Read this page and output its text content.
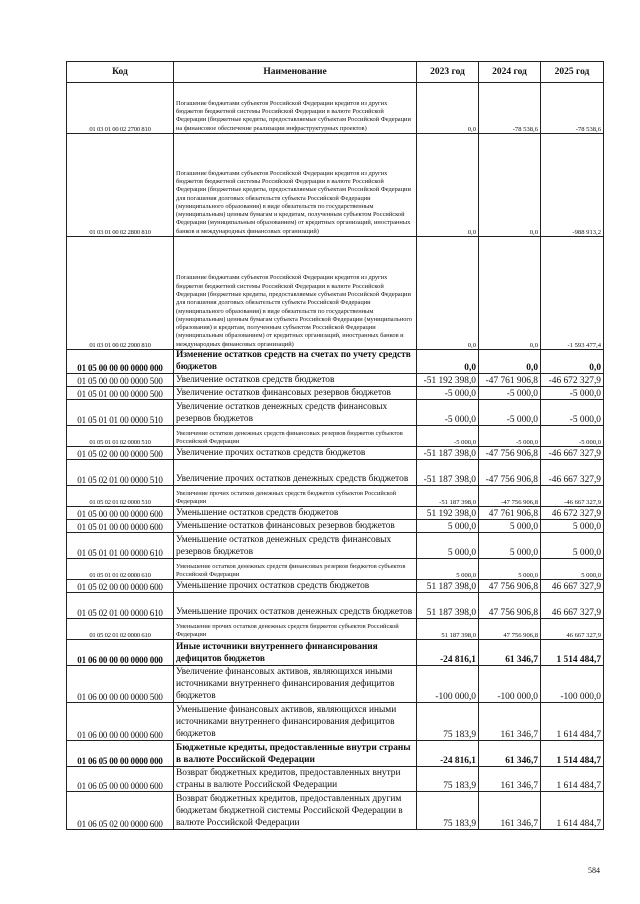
Код	Наименование	2023 год	2024 год	2025 год
01 03 01 00 02 2700 810	Погашение бюджетами субъектов Российской Федерации кредитов из других бюджетов бюджетной системы Российской Федерации в валюте Российской Федерации (бюджетные кредиты, предоставляемые субъектам Российской Федерации на финансовое обеспечение реализации инфраструктурных проектов)	0,0	-78 538,6	-78 538,6
01 03 01 00 02 2800 810	Погашение бюджетами субъектов Российской Федерации кредитов из других бюджетов бюджетной системы Российской Федерации в валюте Российской Федерации (бюджетные кредиты, предоставляемые субъектам Российской Федерации для погашения долговых обязательств субъекта Российской Федерации (муниципального образования) в виде обязательств по государственным (муниципальным) ценным бумагам и кредитам, полученным субъектом Российской Федерации (муниципальным образованием) от кредитных организаций, иностранных банков и международных финансовых организаций)	0,0	0,0	-988 913,2
01 03 01 00 02 2900 810	Погашение бюджетами субъектов Российской Федерации кредитов из других бюджетов бюджетной системы Российской Федерации в валюте Российской Федерации (бюджетные кредиты, предоставляемые субъектам Российской Федерации для погашения долговых обязательств субъекта Российской Федерации (муниципального образования) в виде обязательств по государственным (муниципальным) ценным бумагам субъекта Российской Федерации (муниципального образования) и кредитам, полученным субъектом Российской Федерации (муниципальным образованием) от кредитных организаций, иностранных банков и международных финансовых организаций)	0,0	0,0	-1 593 477,4
01 05 00 00 00 0000 000	Изменение остатков средств на счетах по учету средств бюджетов	0,0	0,0	0,0
01 05 00 00 00 0000 500	Увеличение остатков средств бюджетов	-51 192 398,0	-47 761 906,8	-46 672 327,9
01 05 01 00 00 0000 500	Увеличение остатков финансовых резервов бюджетов	-5 000,0	-5 000,0	-5 000,0
01 05 01 01 00 0000 510	Увеличение остатков денежных средств финансовых резервов бюджетов	-5 000,0	-5 000,0	-5 000,0
01 05 01 01 02 0000 510	Увеличение остатков денежных средств финансовых резервов бюджетов субъектов Российской Федерации	-5 000,0	-5 000,0	-5 000,0
01 05 02 00 00 0000 500	Увеличение прочих остатков средств бюджетов	-51 187 398,0	-47 756 906,8	-46 667 327,9
01 05 02 01 00 0000 510	Увеличение прочих остатков денежных средств бюджетов	-51 187 398,0	-47 756 906,8	-46 667 327,9
01 05 02 01 02 0000 510	Увеличение прочих остатков денежных средств бюджетов субъектов Российской Федерации	-51 187 398,0	-47 756 906,8	-46 667 327,9
01 05 00 00 00 0000 600	Уменьшение остатков средств бюджетов	51 192 398,0	47 761 906,8	46 672 327,9
01 05 01 00 00 0000 600	Уменьшение остатков финансовых резервов бюджетов	5 000,0	5 000,0	5 000,0
01 05 01 01 00 0000 610	Уменьшение остатков денежных средств финансовых резервов бюджетов	5 000,0	5 000,0	5 000,0
01 05 01 01 02 0000 610	Уменьшение остатков денежных средств финансовых резервов бюджетов субъектов Российской Федерации	5 000,0	5 000,0	5 000,0
01 05 02 00 00 0000 600	Уменьшение прочих остатков средств бюджетов	51 187 398,0	47 756 906,8	46 667 327,9
01 05 02 01 00 0000 610	Уменьшение прочих остатков денежных средств бюджетов	51 187 398,0	47 756 906,8	46 667 327,9
01 05 02 01 02 0000 610	Уменьшение прочих остатков денежных средств бюджетов субъектов Российской Федерации	51 187 398,0	47 756 906,8	46 667 327,9
01 06 00 00 00 0000 000	Иные источники внутреннего финансирования дефицитов бюджетов	-24 816,1	61 346,7	1 514 484,7
01 06 00 00 00 0000 500	Увеличение финансовых активов, являющихся иными источниками внутреннего финансирования дефицитов бюджетов	-100 000,0	-100 000,0	-100 000,0
01 06 00 00 00 0000 600	Уменьшение финансовых активов, являющихся иными источниками внутреннего финансирования дефицитов бюджетов	75 183,9	161 346,7	1 614 484,7
01 06 05 00 00 0000 000	Бюджетные кредиты, предоставленные внутри страны в валюте Российской Федерации	-24 816,1	61 346,7	1 514 484,7
01 06 05 00 00 0000 600	Возврат бюджетных кредитов, предоставленных внутри страны в валюте Российской Федерации	75 183,9	161 346,7	1 614 484,7
01 06 05 02 00 0000 600	Возврат бюджетных кредитов, предоставленных другим бюджетам бюджетной системы Российской Федерации в валюте Российской Федерации	75 183,9	161 346,7	1 614 484,7
584
